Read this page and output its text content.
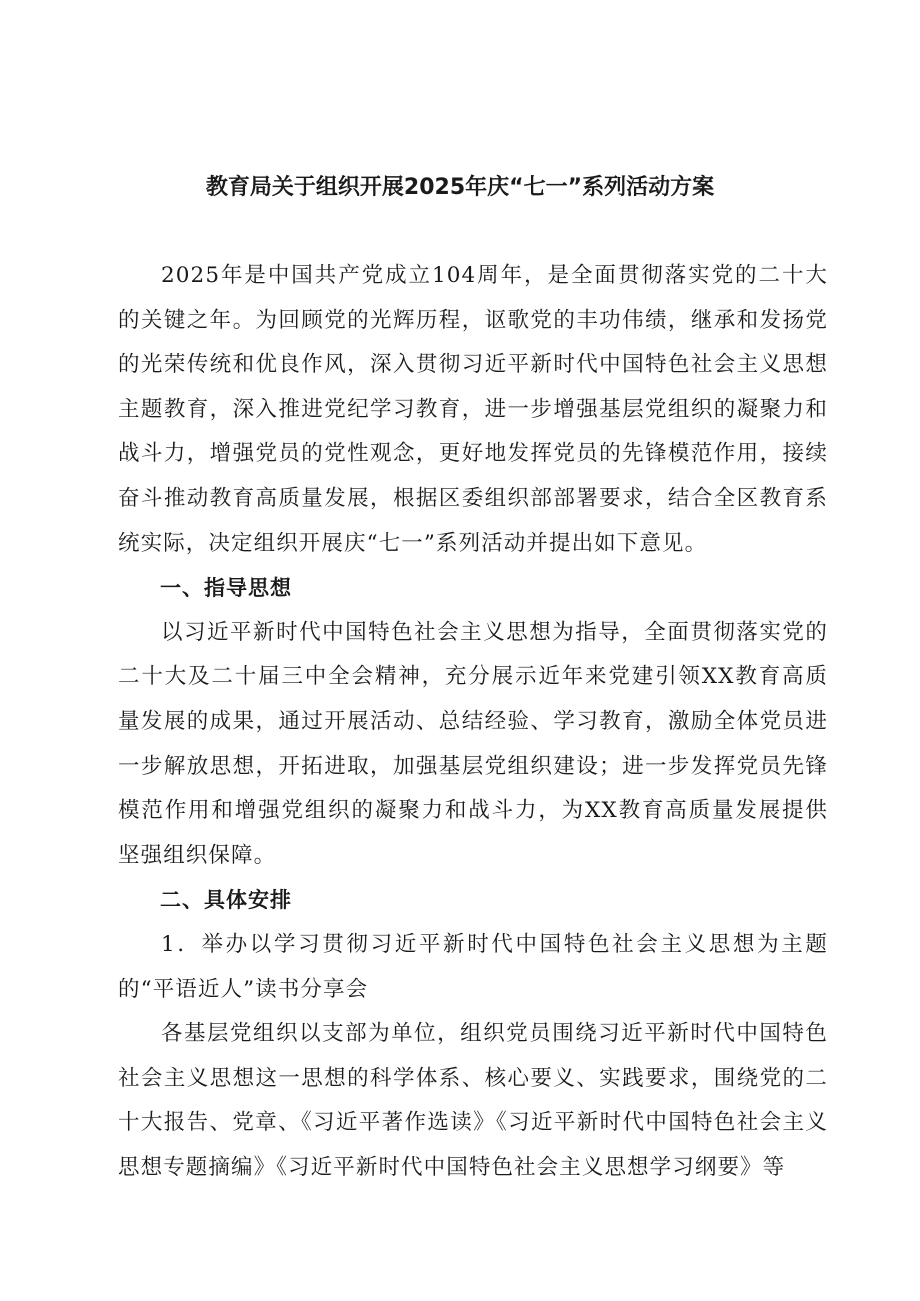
教育局关于组织开展2025年庆“七一”系列活动方案

2025年是中国共产党成立104周年，是全面贯彻落实党的二十大的关键之年。为回顾党的光辉历程，讴歌党的丰功伟绩，继承和发扬党的光荣传统和优良作风，深入贯彻习近平新时代中国特色社会主义思想主题教育，深入推进党纪学习教育，进一步增强基层党组织的凝聚力和战斗力，增强党员的党性观念，更好地发挥党员的先锋模范作用，接续奋斗推动教育高质量发展，根据区委组织部部署要求，结合全区教育系统实际，决定组织开展庆“七一”系列活动并提出如下意见。

一、指导思想

以习近平新时代中国特色社会主义思想为指导，全面贯彻落实党的二十大及二十届三中全会精神，充分展示近年来党建引领XX教育高质量发展的成果，通过开展活动、总结经验、学习教育，激励全体党员进一步解放思想，开拓进取，加强基层党组织建设；进一步发挥党员先锋模范作用和增强党组织的凝聚力和战斗力，为XX教育高质量发展提供坚强组织保障。

二、具体安排

1．举办以学习贯彻习近平新时代中国特色社会主义思想为主题的“平语近人”读书分享会

各基层党组织以支部为单位，组织党员围绕习近平新时代中国特色社会主义思想这一思想的科学体系、核心要义、实践要求，围绕党的二十大报告、党章、《习近平著作选读》《习近平新时代中国特色社会主义思想专题摘编》《习近平新时代中国特色社会主义思想学习纲要》等
